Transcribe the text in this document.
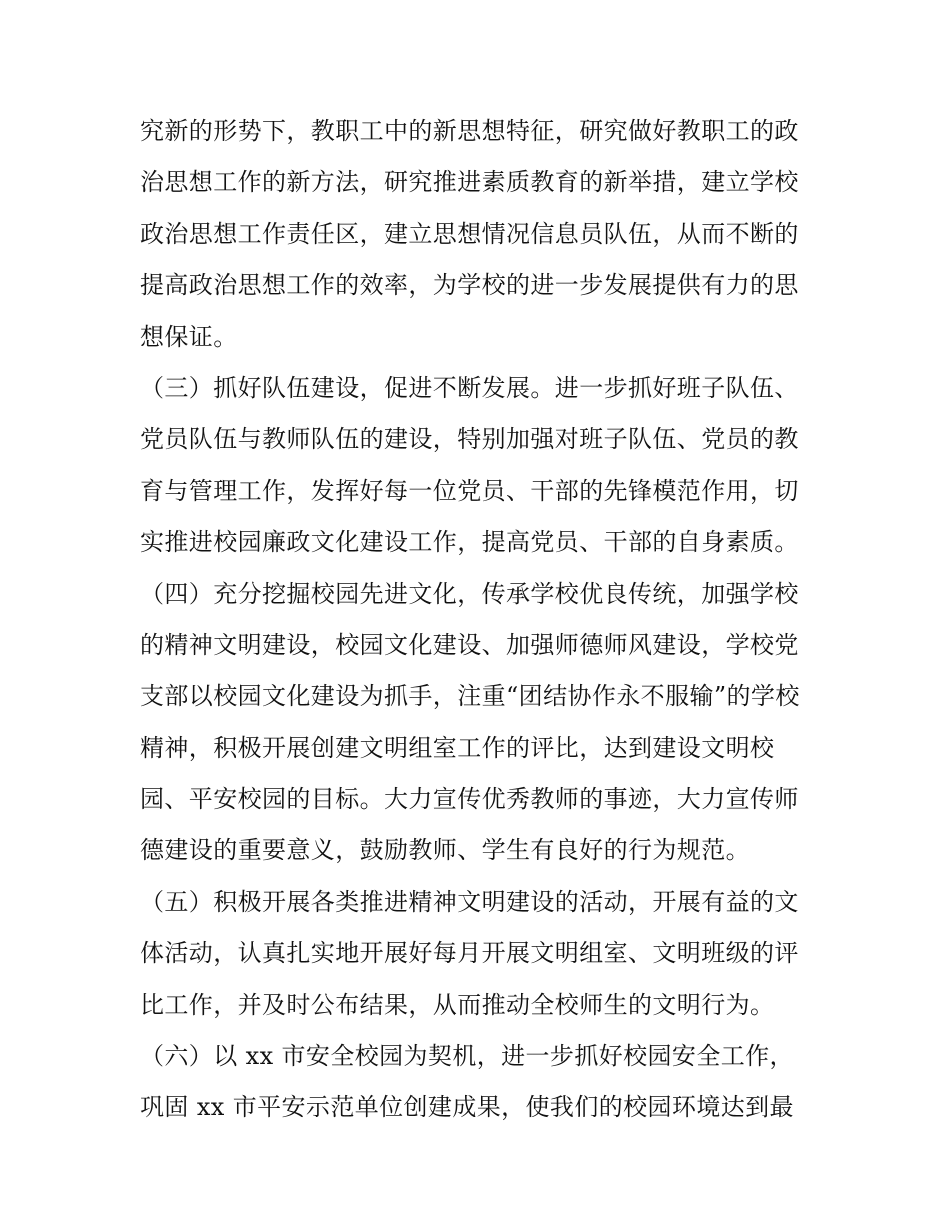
究新的形势下，教职工中的新思想特征，研究做好教职工的政
治思想工作的新方法，研究推进素质教育的新举措，建立学校
政治思想工作责任区，建立思想情况信息员队伍，从而不断的
提高政治思想工作的效率，为学校的进一步发展提供有力的思
想保证。
（三）抓好队伍建设，促进不断发展。进一步抓好班子队伍、
党员队伍与教师队伍的建设，特别加强对班子队伍、党员的教
育与管理工作，发挥好每一位党员、干部的先锋模范作用，切
实推进校园廉政文化建设工作，提高党员、干部的自身素质。
（四）充分挖掘校园先进文化，传承学校优良传统，加强学校
的精神文明建设，校园文化建设、加强师德师风建设，学校党
支部以校园文化建设为抓手，注重“团结协作永不服输”的学校
精神，积极开展创建文明组室工作的评比，达到建设文明校
园、平安校园的目标。大力宣传优秀教师的事迹，大力宣传师
德建设的重要意义，鼓励教师、学生有良好的行为规范。
（五）积极开展各类推进精神文明建设的活动，开展有益的文
体活动，认真扎实地开展好每月开展文明组室、文明班级的评
比工作，并及时公布结果，从而推动全校师生的文明行为。
（六）以 xx 市安全校园为契机，进一步抓好校园安全工作，
巩固 xx 市平安示范单位创建成果，使我们的校园环境达到最
